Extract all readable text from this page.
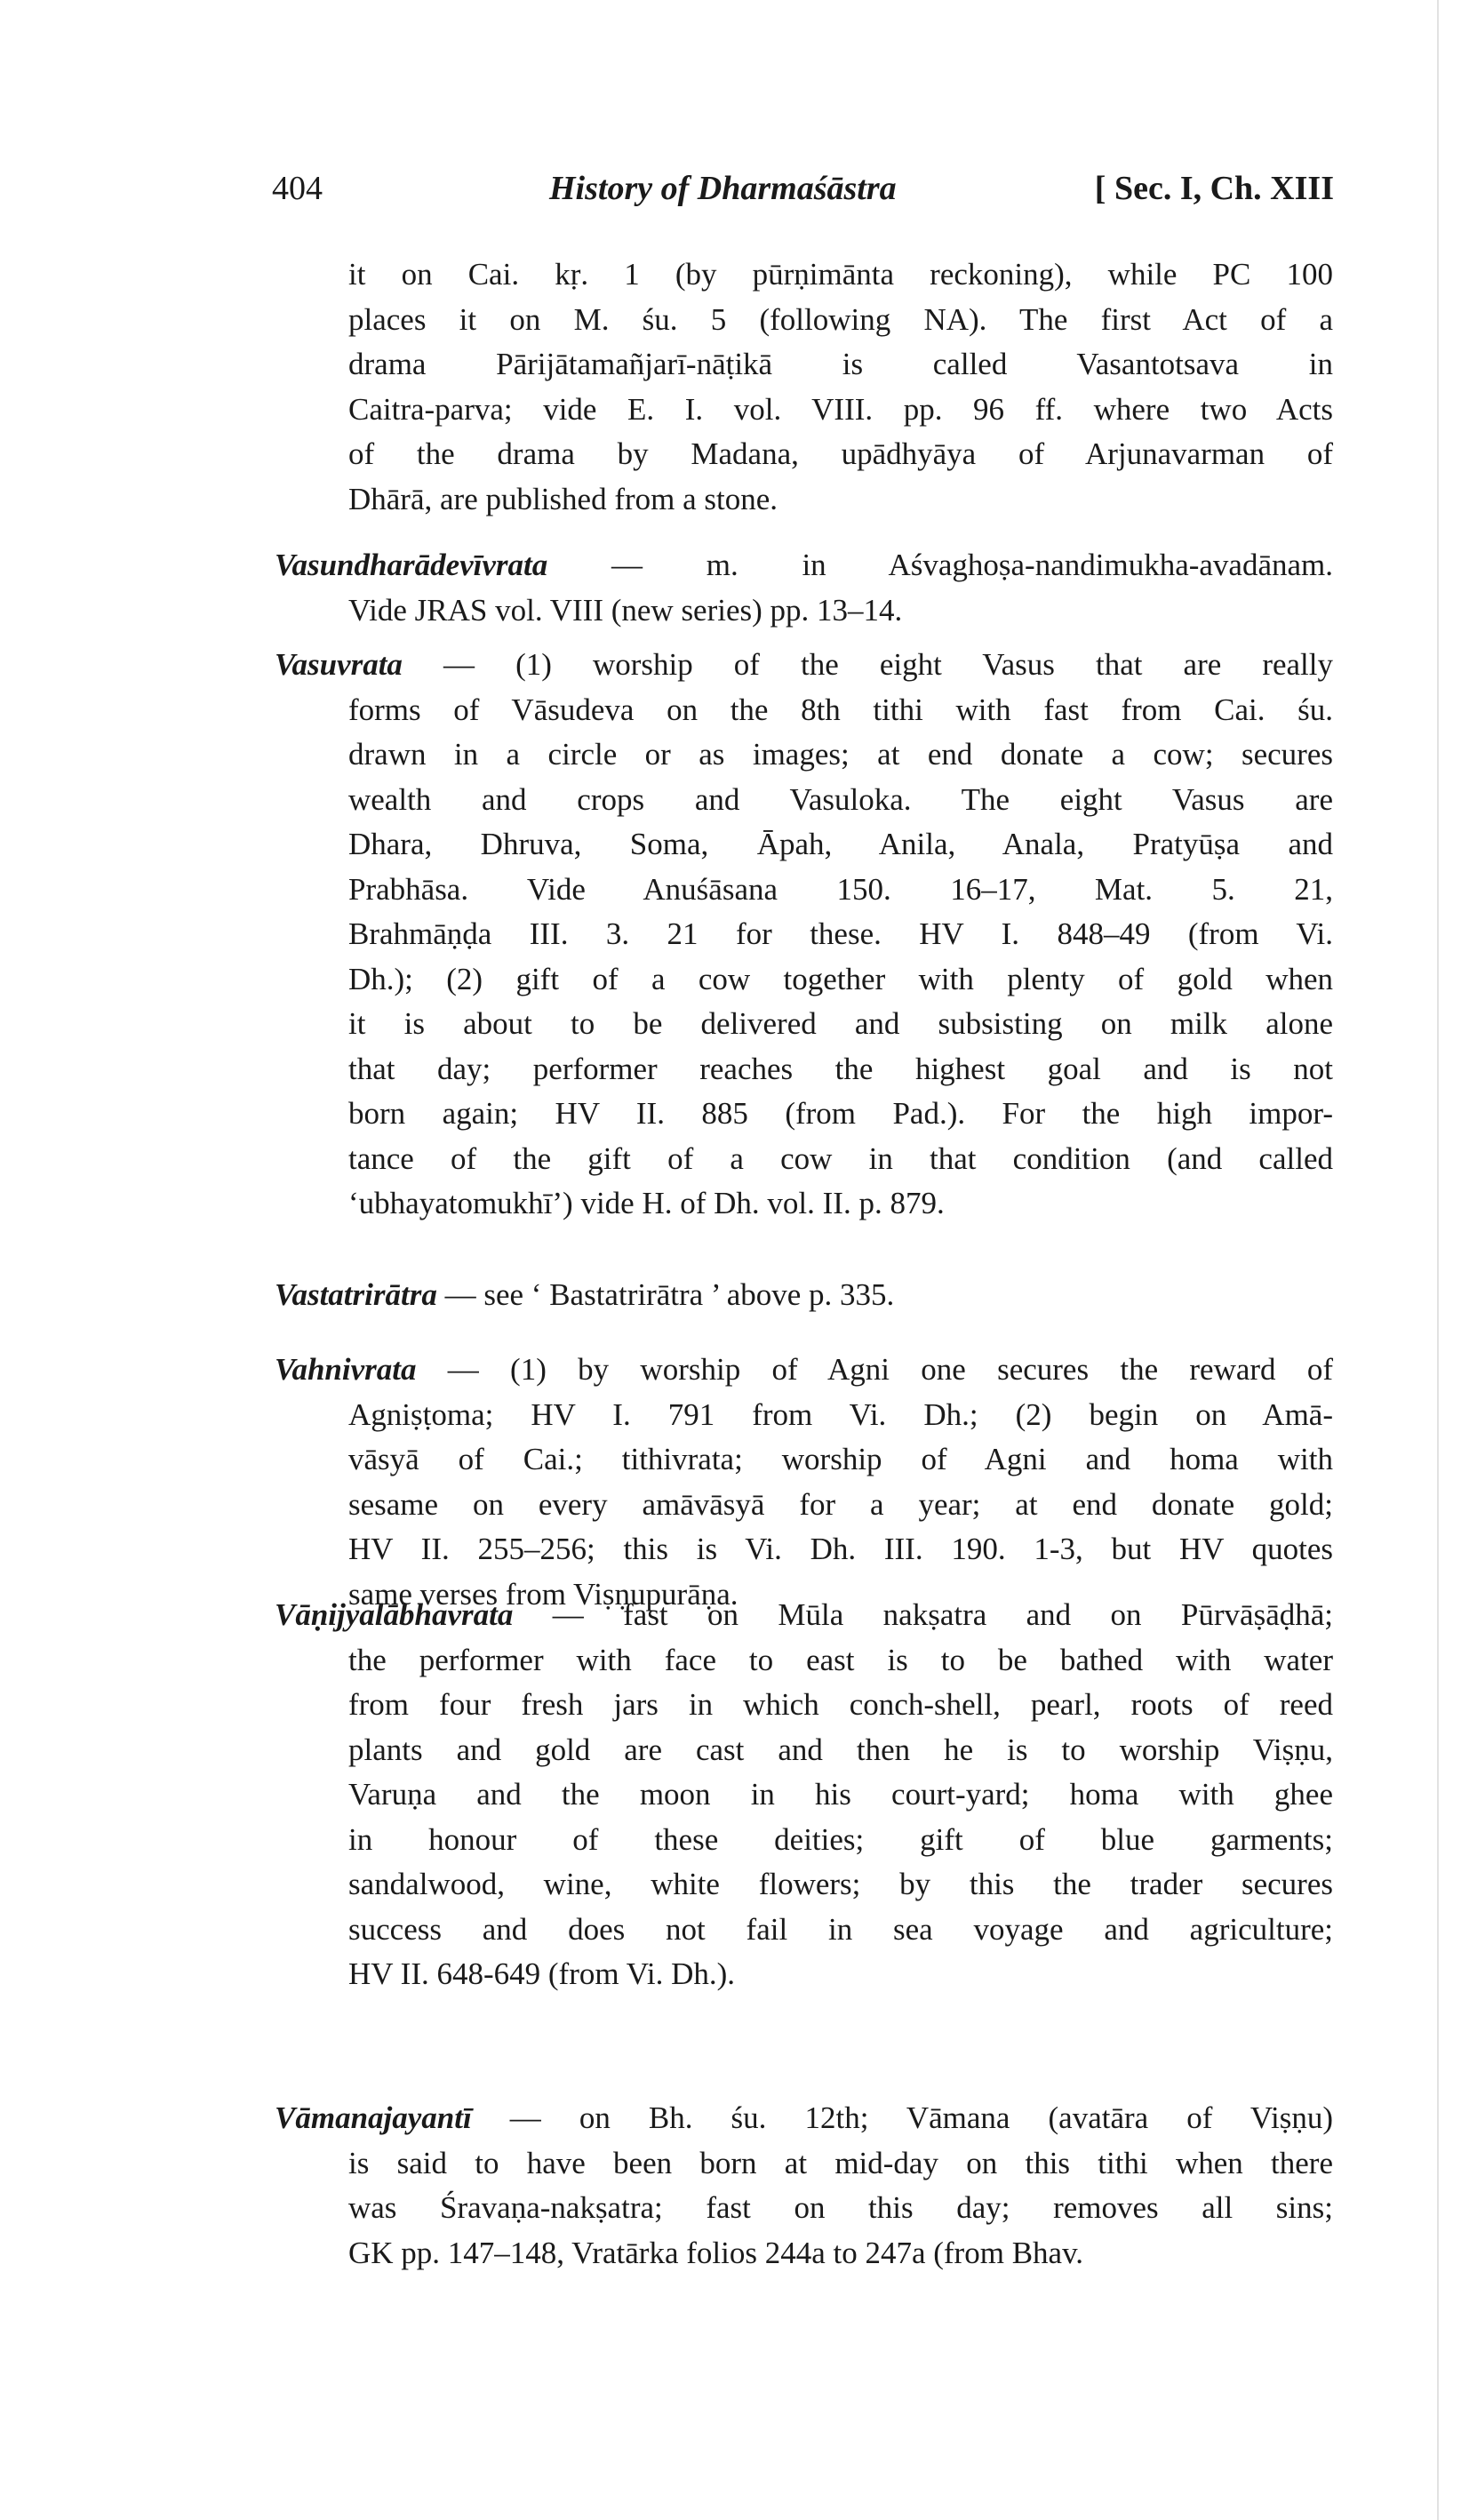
404	History of Dharmaśāstra	[ Sec. I, Ch. XIII
it on Cai. kṛ. 1 (by pūrṇimānta reckoning), while PC 100
places it on M. śu. 5 (following NA). The first Act of a
drama Pārijātamañjarī-nāṭikā is called Vasantotsava in
Caitra-parva; vide E. I. vol. VIII. pp. 96 ff. where two Acts
of the drama by Madana, upādhyāya of Arjunavarman of
Dhārā, are published from a stone.
Vasundharādevīvrata — m. in Aśvaghoṣa-nandimukha-avadānam.
Vide JRAS vol. VIII (new series) pp. 13–14.
Vasuvrata — (1) worship of the eight Vasus that are really
forms of Vāsudeva on the 8th tithi with fast from Cai. śu.
drawn in a circle or as images; at end donate a cow; secures
wealth and crops and Vasuloka. The eight Vasus are
Dhara, Dhruva, Soma, Āpah, Anila, Anala, Pratyūṣa and
Prabhāsa. Vide Anuśāsana 150. 16–17, Mat. 5. 21,
Brahmāṇḍa III. 3. 21 for these. HV I. 848–49 (from Vi.
Dh.); (2) gift of a cow together with plenty of gold when
it is about to be delivered and subsisting on milk alone
that day; performer reaches the highest goal and is not
born again; HV II. 885 (from Pad.). For the high impor-
tance of the gift of a cow in that condition (and called
‘ubhayatomukhī’) vide H. of Dh. vol. II. p. 879.
Vastatrirātra — see ‘ Bastatrirātra ’ above p. 335.
Vahnivrata — (1) by worship of Agni one secures the reward of
Agniṣṭoma; HV I. 791 from Vi. Dh.; (2) begin on Amā-
vāsyā of Cai.; tithivrata; worship of Agni and homa with
sesame on every amāvāsyā for a year; at end donate gold;
HV II. 255–256; this is Vi. Dh. III. 190. 1-3, but HV quotes
same verses from Viṣṇupurāṇa.
Vāṇijyalābhavrata — fast on Mūla nakṣatra and on Pūrvāṣāḍhā;
the performer with face to east is to be bathed with water
from four fresh jars in which conch-shell, pearl, roots of reed
plants and gold are cast and then he is to worship Viṣṇu,
Varuṇa and the moon in his court-yard; homa with ghee
in honour of these deities; gift of blue garments;
sandalwood, wine, white flowers; by this the trader secures
success and does not fail in sea voyage and agriculture;
HV II. 648-649 (from Vi. Dh.).
Vāmanajayantī — on Bh. śu. 12th; Vāmana (avatāra of Viṣṇu)
is said to have been born at mid-day on this tithi when there
was Śravaṇa-nakṣatra; fast on this day; removes all sins;
GK pp. 147–148, Vratārka folios 244a to 247a (from Bhav.
